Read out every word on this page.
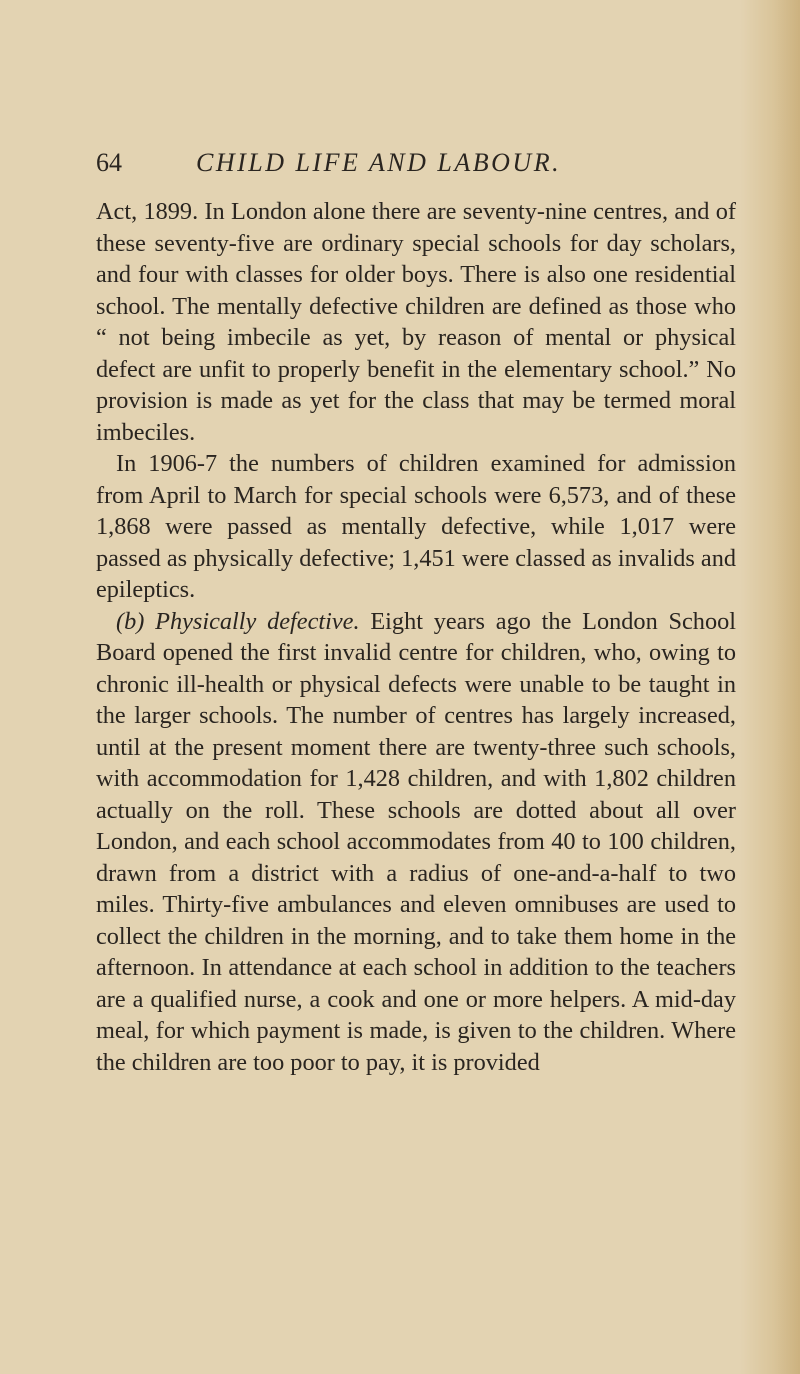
64	CHILD LIFE AND LABOUR.

Act, 1899. In London alone there are seventy-nine centres, and of these seventy-five are ordinary special schools for day scholars, and four with classes for older boys. There is also one residential school. The mentally defective children are defined as those who “ not being imbecile as yet, by reason of mental or physical defect are unfit to properly benefit in the elementary school.” No provision is made as yet for the class that may be termed moral imbeciles.

In 1906-7 the numbers of children examined for admission from April to March for special schools were 6,573, and of these 1,868 were passed as mentally defective, while 1,017 were passed as physically defective; 1,451 were classed as invalids and epileptics.

(b) Physically defective. Eight years ago the London School Board opened the first invalid centre for children, who, owing to chronic ill-health or physical defects were unable to be taught in the larger schools. The number of centres has largely increased, until at the present moment there are twenty-three such schools, with accommodation for 1,428 children, and with 1,802 children actually on the roll. These schools are dotted about all over London, and each school accommodates from 40 to 100 children, drawn from a district with a radius of one-and-a-half to two miles. Thirty-five ambulances and eleven omnibuses are used to collect the children in the morning, and to take them home in the afternoon. In attendance at each school in addition to the teachers are a qualified nurse, a cook and one or more helpers. A mid-day meal, for which payment is made, is given to the children. Where the children are too poor to pay, it is provided
